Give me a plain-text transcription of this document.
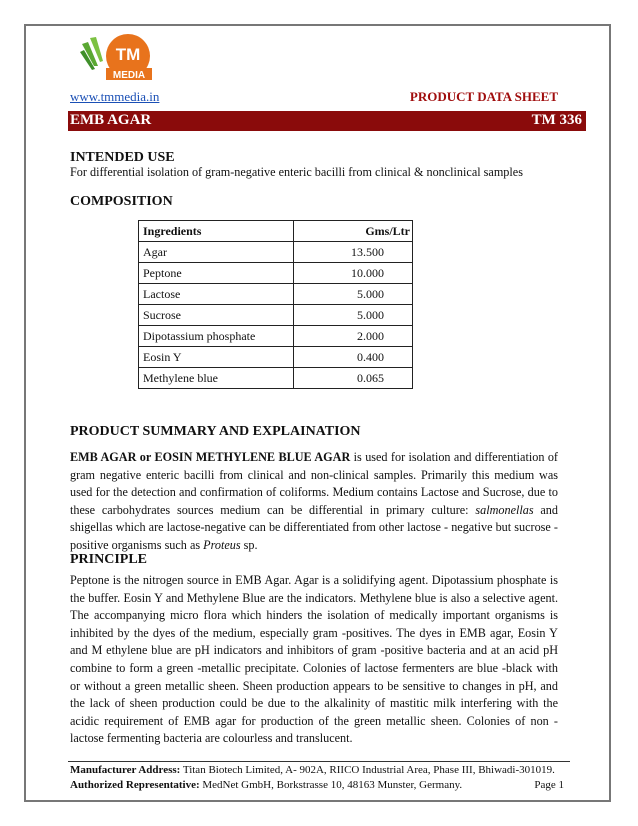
TM
MEDIA
www.tmmedia.in	PRODUCT DATA SHEET
EMB AGAR	TM 336
INTENDED USE
For differential isolation of gram-negative enteric bacilli from clinical & nonclinical samples
COMPOSITION
Ingredients	Gms/Ltr
Agar	13.500
Peptone	10.000
Lactose	5.000
Sucrose	5.000
Dipotassium phosphate	2.000
Eosin Y	0.400
Methylene blue	0.065
PRODUCT SUMMARY AND EXPLAINATION
EMB AGAR or EOSIN METHYLENE BLUE AGAR is used for isolation and differentiation of gram negative enteric bacilli from clinical and non-clinical samples. Primarily this medium was used for the detection and confirmation of coliforms. Medium contains Lactose and Sucrose, due to these carbohydrates sources medium can be differential in primary culture: salmonellas and shigellas which are lactose-negative can be differentiated from other lactose - negative but sucrose - positive organisms such as Proteus sp.
PRINCIPLE
Peptone is the nitrogen source in EMB Agar. Agar is a solidifying agent. Dipotassium phosphate is the buffer. Eosin Y and Methylene Blue are the indicators. Methylene blue is also a selective agent. The accompanying micro flora which hinders the isolation of medically important organisms is inhibited by the dyes of the medium, especially gram -positives. The dyes in EMB agar, Eosin Y and M ethylene blue are pH indicators and inhibitors of gram -positive bacteria and at an acid pH combine to form a green -metallic precipitate. Colonies of lactose fermenters are blue -black with or without a green metallic sheen. Sheen production appears to be sensitive to changes in pH, and the lack of sheen production could be due to the alkalinity of mastitic milk interfering with the acidic requirement of EMB agar for production of the green metallic sheen. Colonies of non -lactose fermenting bacteria are colourless and translucent.
Manufacturer Address: Titan Biotech Limited, A- 902A, RIICO Industrial Area, Phase III, Bhiwadi-301019.
Authorized Representative: MedNet GmbH, Borkstrasse 10, 48163 Munster, Germany.	Page 1
